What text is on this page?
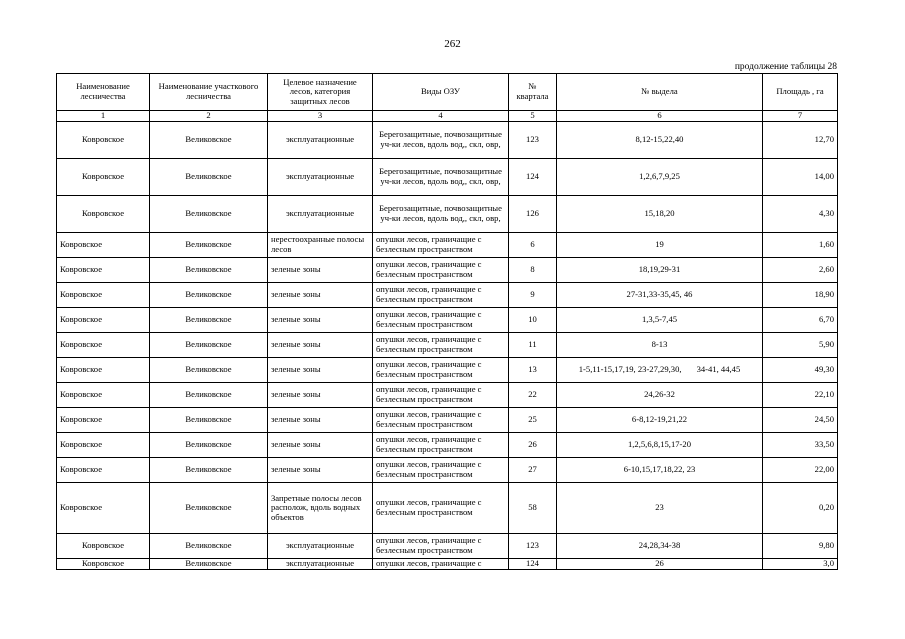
262
продолжение таблицы 28
Наименование лесничества	Наименование участкового лесничества	Целевое назначение лесов, категория защитных лесов	Виды ОЗУ	№ квартала	№ выдела	Площадь , га
1	2	3	4	5	6	7
Ковровское	Великовское	эксплуатационные	Берегозащитные, почвозащитные уч-ки лесов, вдоль вод,, скл, овр,	123	8,12-15,22,40	12,70
Ковровское	Великовское	эксплуатационные	Берегозащитные, почвозащитные уч-ки лесов, вдоль вод,, скл, овр,	124	1,2,6,7,9,25	14,00
Ковровское	Великовское	эксплуатационные	Берегозащитные, почвозащитные уч-ки лесов, вдоль вод,, скл, овр,	126	15,18,20	4,30
Ковровское	Великовское	нерестоохранные полосы лесов	опушки лесов, граничащие с безлесным пространством	6	19	1,60
Ковровское	Великовское	зеленые зоны	опушки лесов, граничащие с безлесным пространством	8	18,19,29-31	2,60
Ковровское	Великовское	зеленые зоны	опушки лесов, граничащие с безлесным пространством	9	27-31,33-35,45, 46	18,90
Ковровское	Великовское	зеленые зоны	опушки лесов, граничащие с безлесным пространством	10	1,3,5-7,45	6,70
Ковровское	Великовское	зеленые зоны	опушки лесов, граничащие с безлесным пространством	11	8-13	5,90
Ковровское	Великовское	зеленые зоны	опушки лесов, граничащие с безлесным пространством	13	1-5,11-15,17,19, 23-27,29,30,       34-41, 44,45	49,30
Ковровское	Великовское	зеленые зоны	опушки лесов, граничащие с безлесным пространством	22	24,26-32	22,10
Ковровское	Великовское	зеленые зоны	опушки лесов, граничащие с безлесным пространством	25	6-8,12-19,21,22	24,50
Ковровское	Великовское	зеленые зоны	опушки лесов, граничащие с безлесным пространством	26	1,2,5,6,8,15,17-20	33,50
Ковровское	Великовское	зеленые зоны	опушки лесов, граничащие с безлесным пространством	27	6-10,15,17,18,22, 23	22,00
Ковровское	Великовское	Запретные полосы лесов располож, вдоль водных объектов	опушки лесов, граничащие с безлесным пространством	58	23	0,20
Ковровское	Великовское	эксплуатационные	опушки лесов, граничащие с безлесным пространством	123	24,28,34-38	9,80
Ковровское	Великовское	эксплуатационные	опушки лесов, граничащие с	124	26	3,0
